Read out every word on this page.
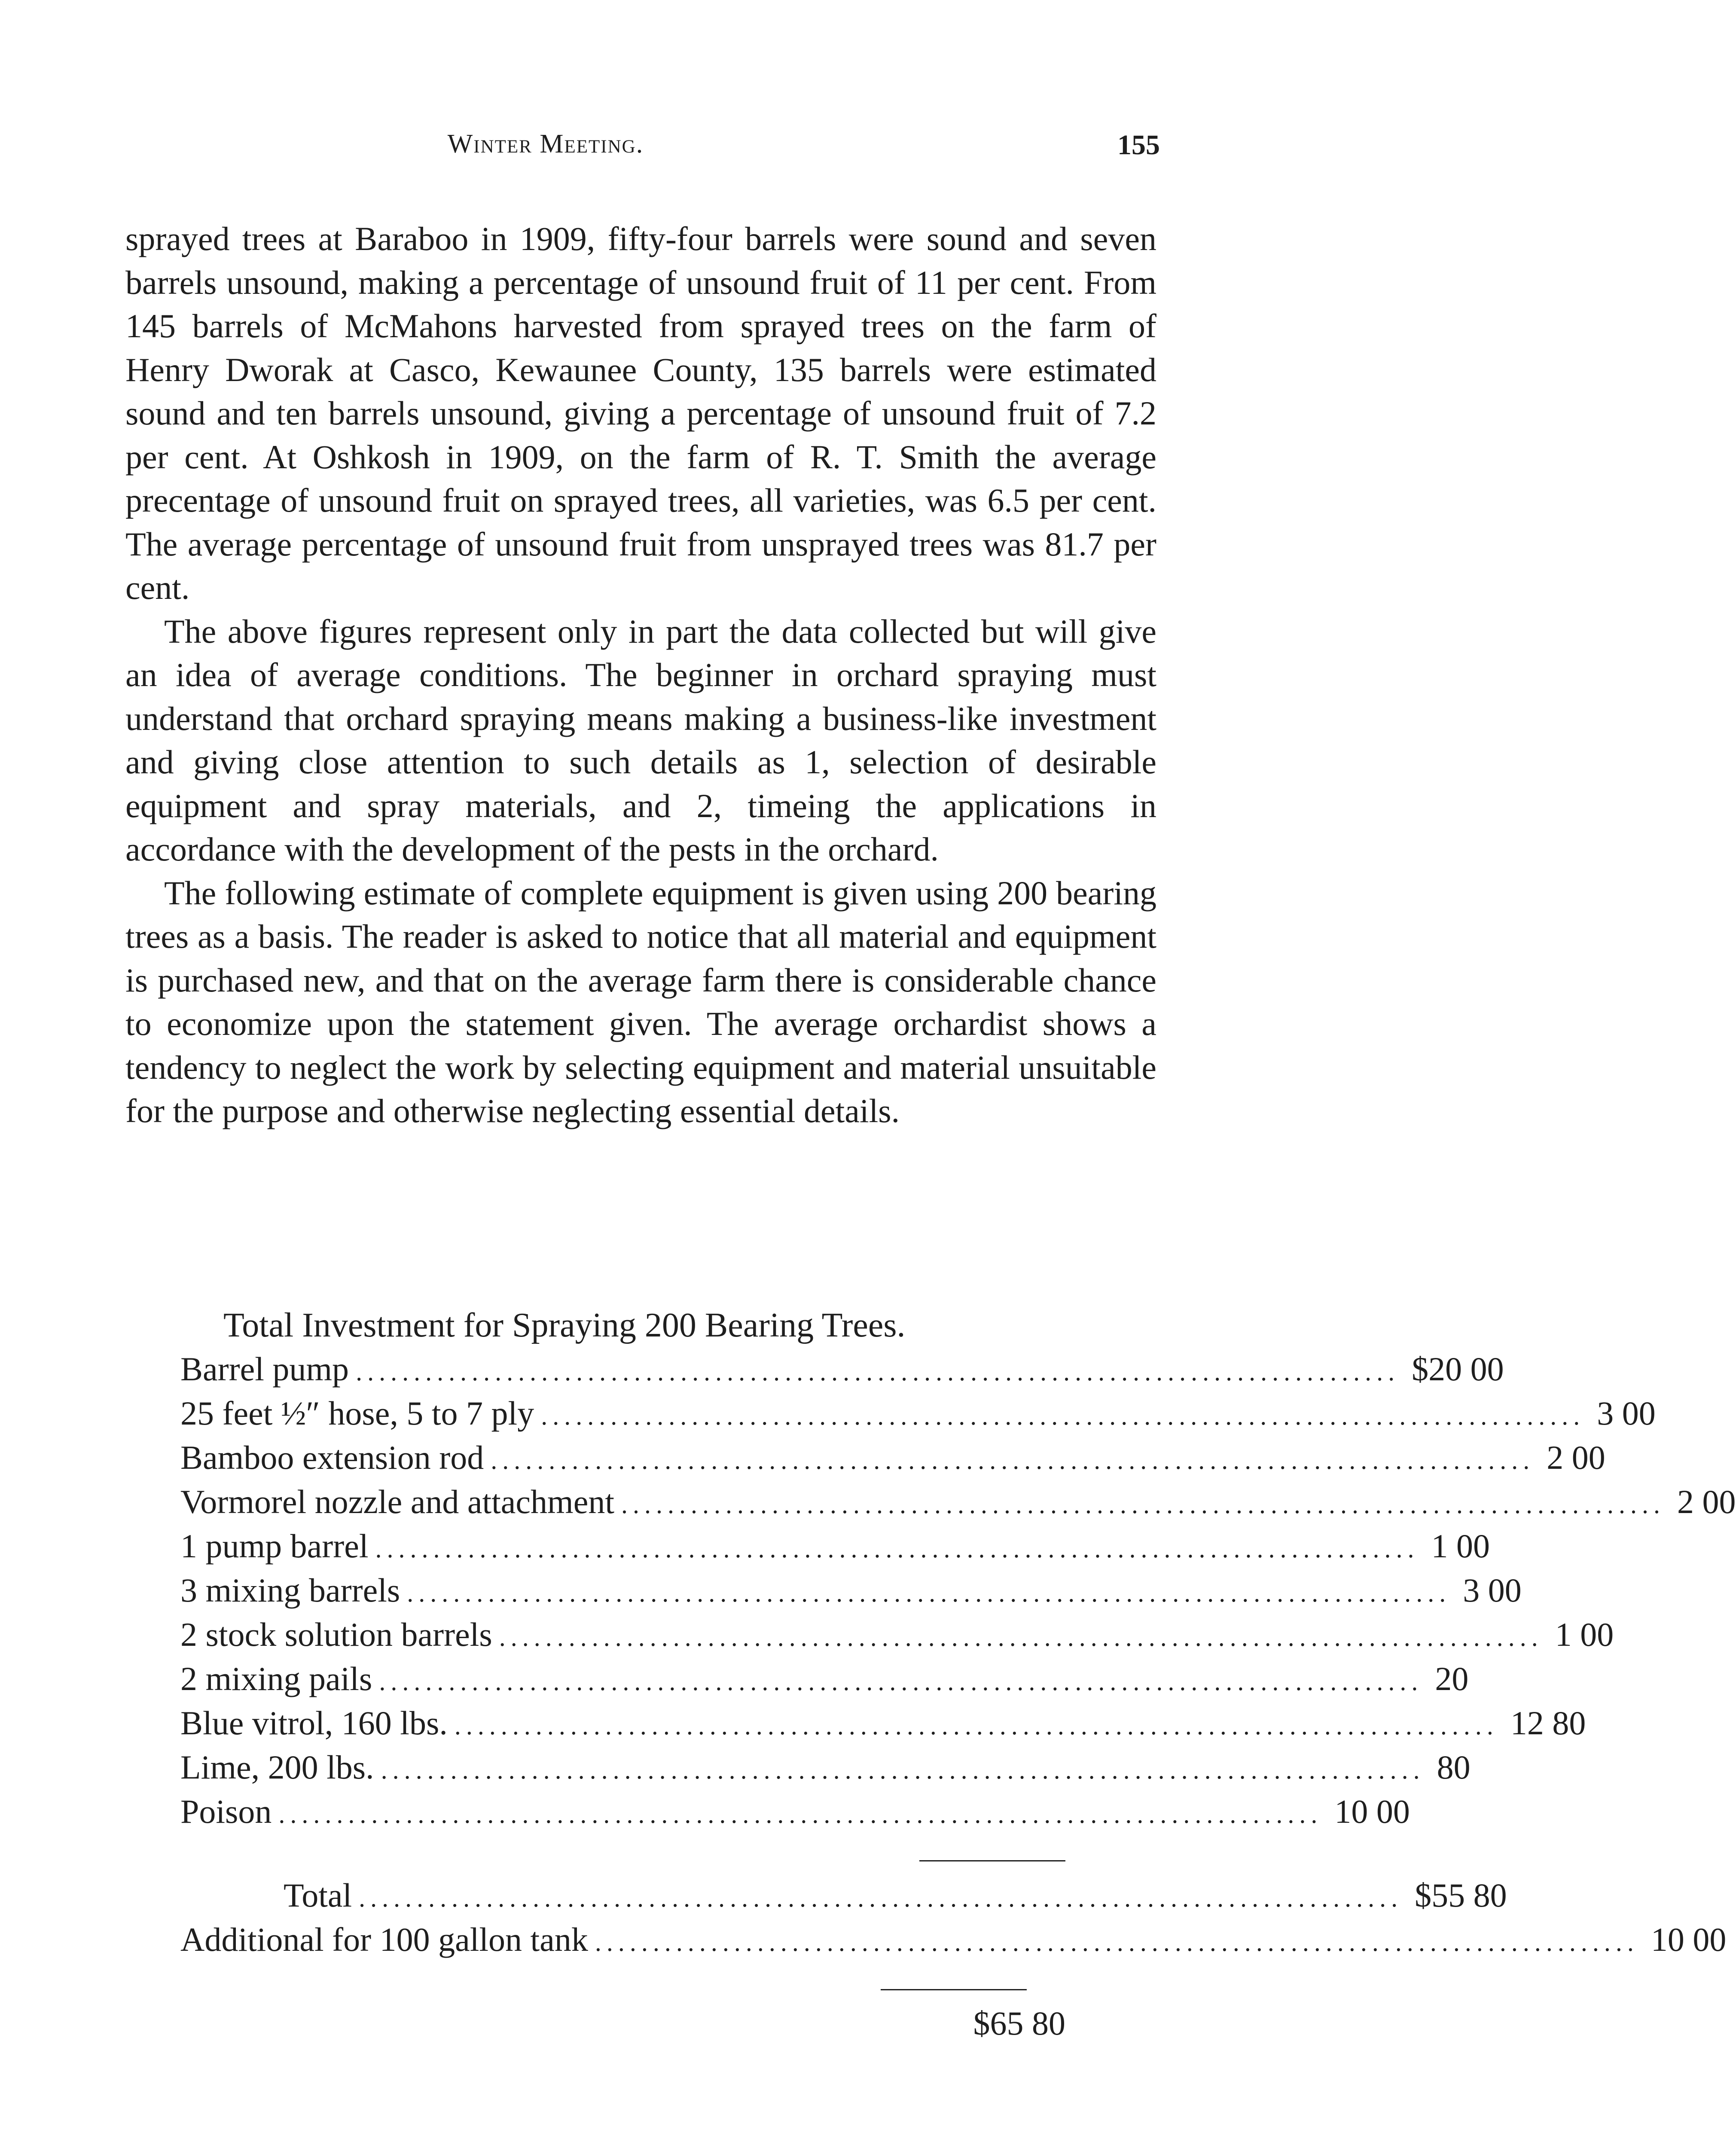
Winter Meeting.	155

sprayed trees at Baraboo in 1909, fifty-four barrels were sound and seven barrels unsound, making a percentage of unsound fruit of 11 per cent. From 145 barrels of McMahons harvested from sprayed trees on the farm of Henry Dworak at Casco, Kewaunee County, 135 barrels were estimated sound and ten barrels unsound, giving a percentage of unsound fruit of 7.2 per cent. At Oshkosh in 1909, on the farm of R. T. Smith the average precentage of unsound fruit on sprayed trees, all varieties, was 6.5 per cent. The average percentage of unsound fruit from unsprayed trees was 81.7 per cent.

The above figures represent only in part the data collected but will give an idea of average conditions. The beginner in orchard spraying must understand that orchard spraying means making a business-like investment and giving close attention to such details as 1, selection of desirable equipment and spray materials, and 2, timeing the applications in accordance with the development of the pests in the orchard.

The following estimate of complete equipment is given using 200 bearing trees as a basis. The reader is asked to notice that all material and equipment is purchased new, and that on the average farm there is considerable chance to economize upon the statement given. The average orchardist shows a tendency to neglect the work by selecting equipment and material unsuitable for the purpose and otherwise neglecting essential details.

Total Investment for Spraying 200 Bearing Trees.
Barrel pump .......................................................................................... $20 00
25 feet ½″ hose, 5 to 7 ply .......................................................................................... 3 00
Bamboo extension rod .......................................................................................... 2 00
Vormorel nozzle and attachment .......................................................................................... 2 00
1 pump barrel .......................................................................................... 1 00
3 mixing barrels .......................................................................................... 3 00
2 stock solution barrels .......................................................................................... 1 00
2 mixing pails .......................................................................................... 20
Blue vitrol, 160 lbs. .......................................................................................... 12 80
Lime, 200 lbs. .......................................................................................... 80
Poison .......................................................................................... 10 00
Total .......................................................................................... $55 80
Additional for 100 gallon tank .......................................................................................... 10 00
$65 80
